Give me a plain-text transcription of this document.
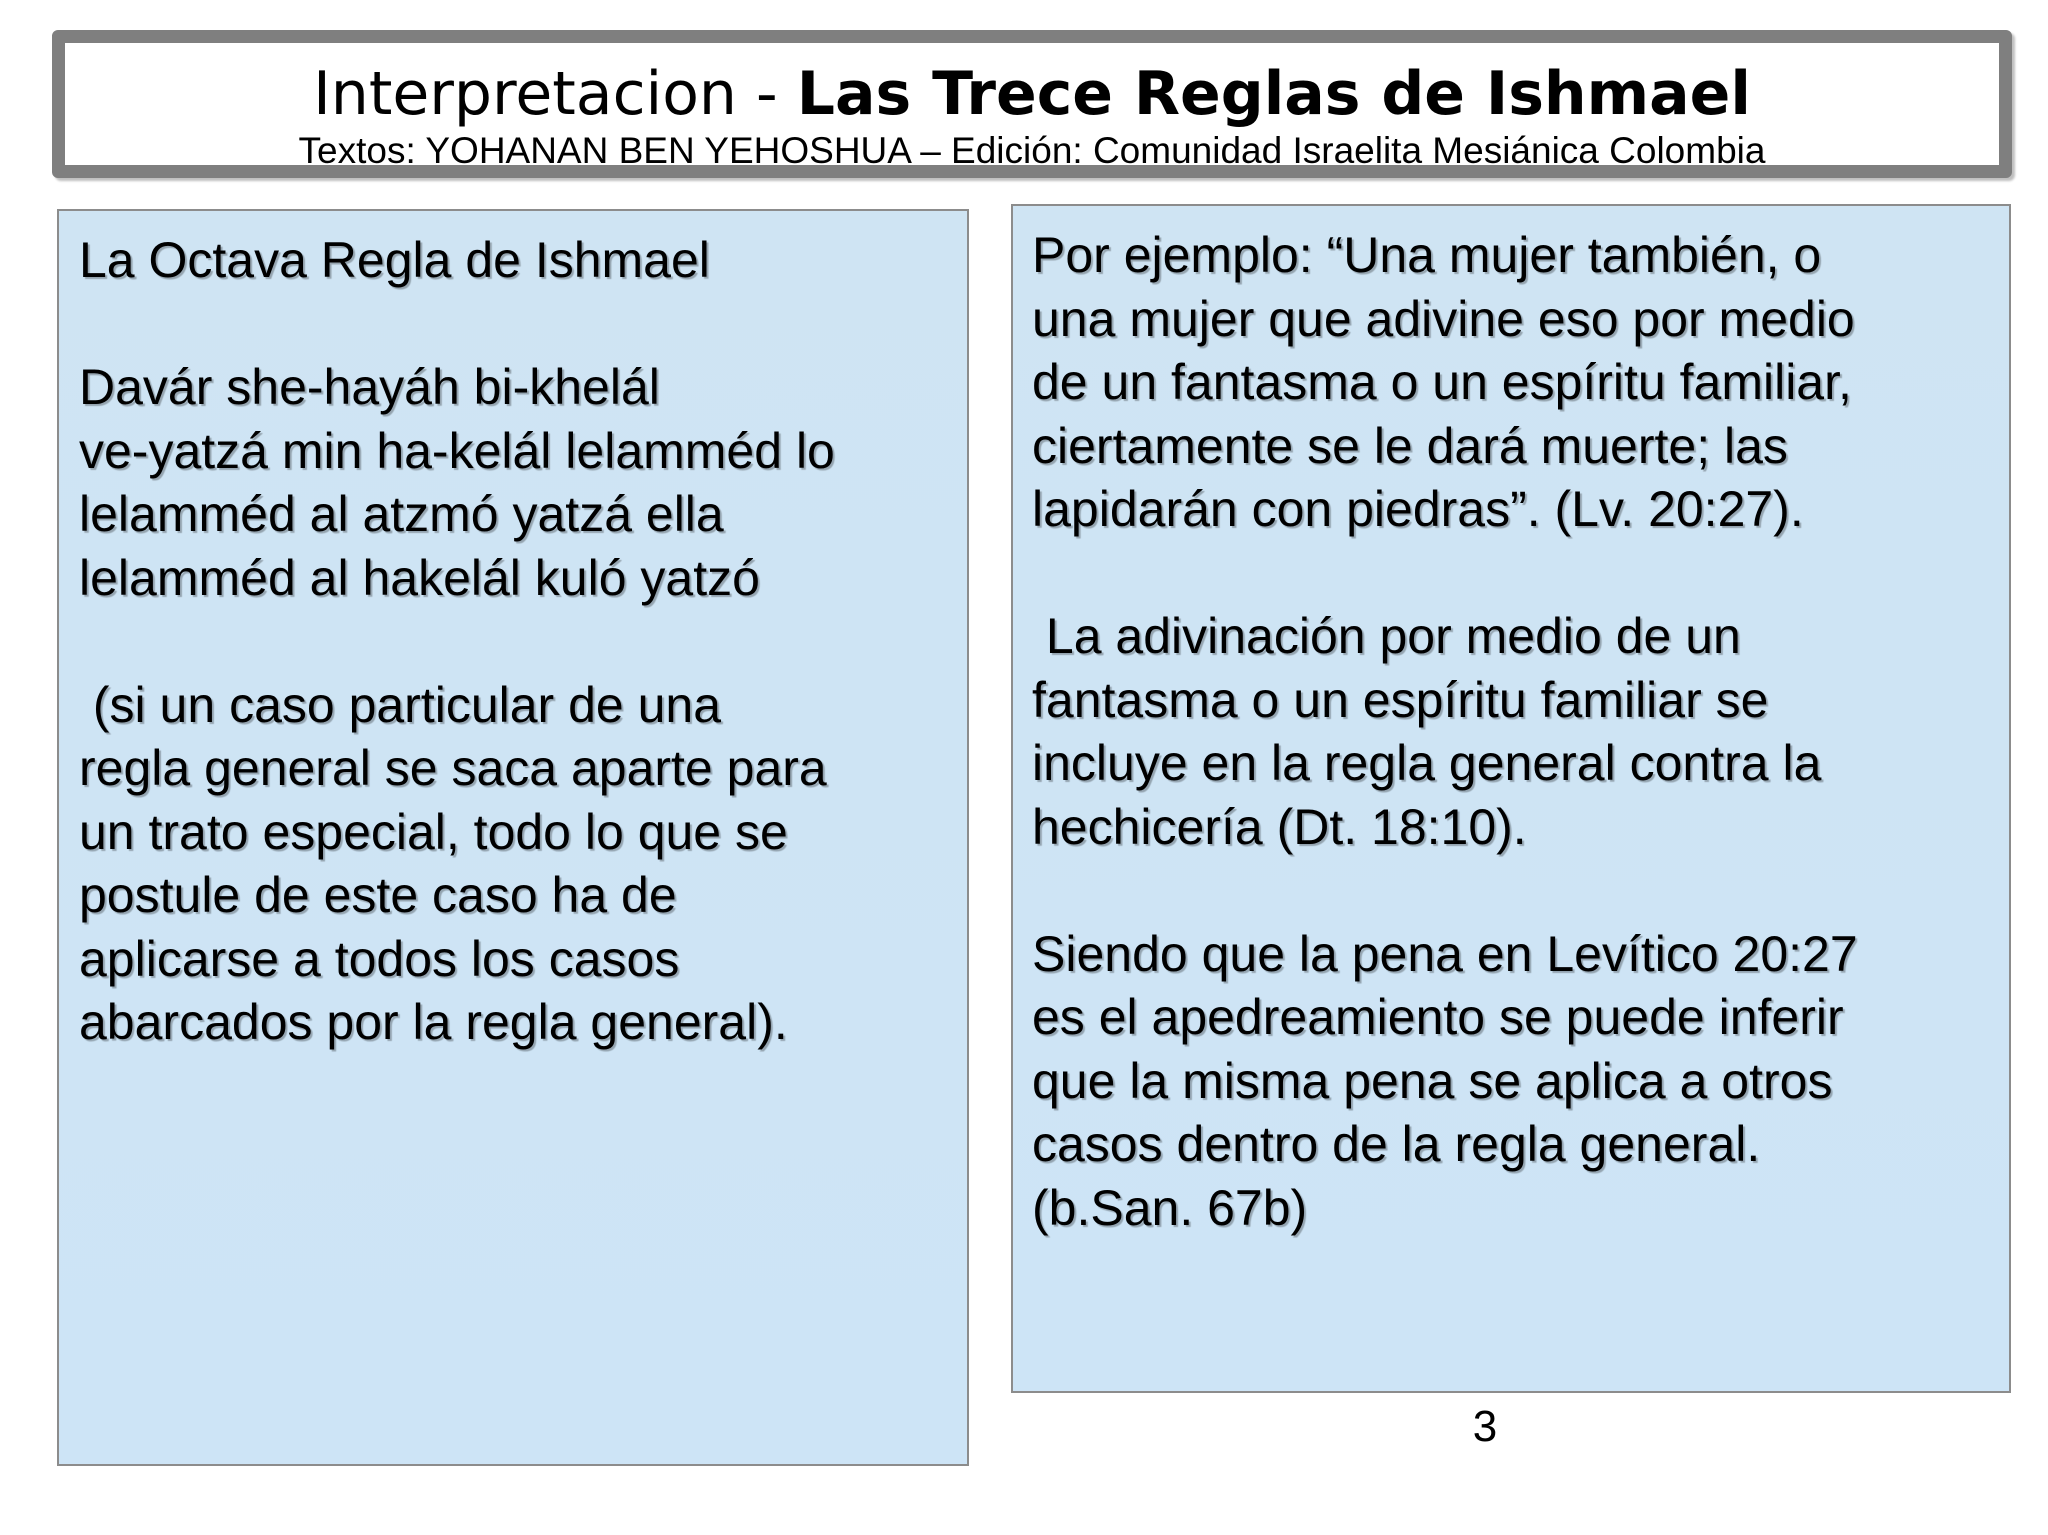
Interpretacion - Las Trece Reglas de Ishmael
Textos: YOHANAN BEN YEHOSHUA – Edición: Comunidad Israelita Mesiánica Colombia

La Octava Regla de Ishmael

Davár she-hayáh bi-khelál
ve-yatzá min ha-kelál lelamméd lo
lelamméd al atzmó yatzá ella
lelamméd al hakelál kuló yatzó

(si un caso particular de una
regla general se saca aparte para
un trato especial, todo lo que se
postule de este caso ha de
aplicarse a todos los casos
abarcados por la regla general).

Por ejemplo: “Una mujer también, o
una mujer que adivine eso por medio
de un fantasma o un espíritu familiar,
ciertamente se le dará muerte; las
lapidarán con piedras”. (Lv. 20:27).

La adivinación por medio de un
fantasma o un espíritu familiar se
incluye en la regla general contra la
hechicería (Dt. 18:10).

Siendo que la pena en Levítico 20:27
es el apedreamiento se puede inferir
que la misma pena se aplica a otros
casos dentro de la regla general.
(b.San. 67b)

3
